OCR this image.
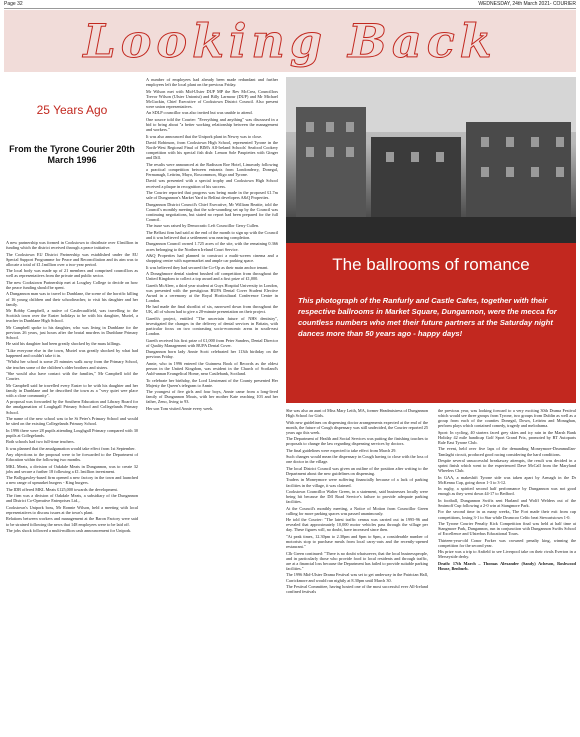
Page 32	WEDNESDAY, 24th March 2021- COURIER
Looking Back
25 Years Ago
From the Tyrone Courier 20th March 1996

A new partnership was formed in Cookstown to distribute over £1million in funding which the district received through a peace initiative.

The Cookstown EU District Partnership was established under the EU Special Support Programme for Peace and Reconciliation and its aim was to allocate a total of £1.1million over a two-year period.

The local body was made up of 21 members and comprised councillors as well as representatives from the private and public sector.

The new Cookstown Partnership met at Loughry College to decide on how the peace funding should be spent.

A Dungannon man was to travel to Dunblane, the scene of the horrific killing of 16 young children and their schoolteacher, to visit his daughter and her family.

Mr Bobby Campbell, a native of Castlecaulfield, was travelling to the Scottish town over the Easter holidays to be with his daughter, Muriel, a teacher in Dunblane High School.

Mr Campbell spoke to his daughter, who was living in Dunblane for the previous 26 years, just hours after the brutal murders in Dunblane Primary School.

He said his daughter had been greatly shocked by the mass killings.

"Like everyone else in the town, Muriel was greatly shocked by what had happened and couldn't take it in.

"Whilst her school is some 25 minutes walk away from the Primary School, she teaches some of the children's older brothers and sisters.

"She would also have contact with the families," Mr Campbell told the Courier.

Mr Campbell said he travelled every Easter to be with his daughter and her family in Dunblane and he described the town as a "very quiet wee place with a close community".

A proposal was forwarded by the Southern Education and Library Board for the amalgamation of Loughgall Primary School and Collegelands Primary School.

The name of the new school was to be St Peter's Primary School and would be sited on the existing Collegelands Primary School.

In 1996 there were 28 pupils attending Loughgall Primary compared with 30 pupils at Collegelands.

Both schools had two full-time teachers.

It was planned that the amalgamation would take effect from 1st September.

Any objections to the proposal were to be forwarded to the Department of Education within the following two months.

MKL Meats, a division of Oakdale Meats in Dungannon, was to create 32 jobs and secure a further 18 following a £1.1million investment.

The Ballygawley-based firm opened a new factory in the town and launched a new range of upmarket burgers - King burgers.

The IDB offered MKL Meats £125,000 towards the development.

The firm was a division of Oakdale Meats, a subsidiary of the Dungannon and District Co-Operative Enterprises Ltd.,.

Cookstown's Unipork boss, Mr Ronnie Wilson, held a meeting with local representatives to discuss issues at the town's plant.

Relations between workers and management at the Baron Factory were said to be strained following the news that 148 employees were to be laid off.

The jobs shock followed a multi-million cash announcement for Unipork.

A number of employees had already been made redundant and further employees left the local plant on the previous Friday.

Mr Wilson met with Mid-Ulster DUP MP the Rev McCrea, Councillors Trevor Wilson (Ulster Unionist) and Billy Larmour (DUP) and Mr Michael McGuckin, Chief Executive of Cookstown District Council. Also present were union representatives.

An SDLP councillor was also invited but was unable to attend.

One source told the Courier: "Everything and anything" was discussed in a bid to bring about "a better working relationship between the management and workers."

It was also announced that the Unipork plant in Newry was to close.

David Robinson, from Cookstown High School, represented Tyrone in the North-West Regional Final of BIM's All-Ireland Schools' Seafood Cookery competition with his special fish dish: Lemon Sole Paupiettes with Ginger and Dill.

The results were announced at the Radisson Roe Hotel, Limavady following a practical competition between entrants from Londonderry, Donegal, Fermanagh, Leitrim, Mayo, Roscommon, Sligo and Tyrone.

David was presented with a special trophy and Cookstown High School received a plaque in recognition of his success.

The Courier reported that progress was being made in the proposed £1.7m sale of Dungannon's Market Yard to Belfast developers A&Q Properties.

Dungannon District Council's Chief Executive, Mr William Beattie, told the Council's monthly meeting that the sole-sounding set up by the Council was continuing negotiations, but stated no report had been prepared for the full Council.

The issue was raised by Democratic Left Councillor Gerry Cullen.

The Belfast firm had said at the end of the month to sign up with the Council and it was believed that a settlement was nearing completion.

Dungannon Council owned 1.725 acres of the site, with the remaining 0.366 acres belonging to the Northern Ireland Court Service.

A&Q Properties had planned to construct a multi-screen cinema and a shopping centre with supermarket and ample car parking space.

It was believed they had secured the Co-Op as their main anchor tenant.

A Donaghmore dental student brushed off competition from throughout the United Kingdom to collect a top award and a first prize of £1,000.

Gareth McAleer, a third year student at Guys Hospital University in London, was presented with the prestigious BUPA Dental Cover Student Elective Award in a ceremony at the Royal Horticultural Conference Centre in London.

He had made the final shortlist of six, narrowed down from throughout the UK, all of whom had to give a 20-minute presentation on their project.

Gareth's project, entitled "The uncertain future of NHS dentistry", investigated the changes in the delivery of dental services in Britain, with particular focus on two contrasting socio-economic areas in south-east London.

Gareth received his first prize of £1,000 from Peter Sanders, Dental Director of Quality Management with BUPA Dental Cover.

Dungannon born lady Annie Scott celebrated her 113th birthday on the previous Friday.

Annie, who in 1996 entered the Guinness Book of Records as the oldest person in the United Kingdom, was resident in the Church of Scotland's Auld-annan Evangelical Home, near Castlebank, Scotland.

To celebrate her birthday, the Lord Lieutenant of the County presented Her Majesty the Queen's telegram to Annie.

The youngest of five girls and four boys, Annie came from a long-lived family of Dungannon Moats, with her mother Kate reaching 103 and her father, Zeno, living to 93.

Her son Tom visited Annie every week.

The ballrooms of romance
This photograph of the Ranfurly and Castle Cafes, together with their respective ballrooms in Market Square, Dungannon, were the mecca for countless numbers who met their future partners at the Saturday night dances more than 50 years ago - happy days!

She was also an aunt of Miss Mary Leith, MA, former Headmistress of Dungannon High School for Girls.

With new guidelines on dispensing doctor arrangements expected at the end of the month, the future of Cough dispensary was still undecided, the Courier reported 25 years ago this week.

The Department of Health and Social Services was putting the finishing touches to proposals to change the law regarding dispensing services by doctors.

The final guidelines were expected to take effect from March 29.

Such changes would mean the dispensary in Cough having to close with the loss of one doctor in the village.

The local District Council was given an outline of the position after writing to the Department about the new guidelines on dispensing.

Traders in Moneymore were suffering financially because of a lack of parking facilities in the village, it was claimed.

Cookstown Councillor Walter Green, in a statement, said businesses locally were being hit because the Dfl Road Service's failure to provide adequate parking facilities.

At the Council's monthly meeting, a Notice of Motion from Councillor Green calling for more parking spaces was passed unanimously.

He told the Courier: "The latest traffic census was carried out in 1995-96 and revealed that approximately 10,000 motor vehicles pass through the village per day. These figures will, no doubt, have increased since then.

"At peak times, 12.30pm to 2.30pm and 6pm to 6pm, a considerable number of motorists stop to purchase meals from local carry-outs and the recently-opened restaurant."

Cllr Green continued: "There is no doubt whatsoever, that the local businesspeople, and in particularly those who provide food to local residents and through traffic, are at a financial loss because the Department has failed to provide suitable parking facilities."

The 1996 Mid-Ulster Drama Festival was set to get underway in the Patrician Hall, Carrickmore and would run nightly at 8.30pm until March 30.

The Festival Committee, having hosted one of the most successful ever All-Ireland confined festivals

the previous year, was looking forward to a very exciting 30th Drama Festival which would see three groups from Tyrone, two groups from Dublin as well as a group from each of the counties Donegal, Down, Leitrim and Monaghan, perform plays which contained comedy, tragedy and melodrama.

Sport: In cycling, 40 starters faced grey skies and icy rain in the Marsh Bank Holiday 42 mile handicap Golf Sport Grand Prix, promoted by RT Autoparts Rale East Tyrone Club.

The event, held over five laps of the demanding Moneymore-Drummullan-Tamlaght circuit, produced good racing considering the hard conditions.

Despite several unsuccessful breakaway attempts, the result was decided in a sprint finish which went to the experienced Dave McCall from the Maryland Wheelers Club.

In GAA, a makeshift Tyrone side was taken apart by Armagh in the Dr McKenna Cup, going down 1-3 to 3-12.

In rugby, a spirited second half performance by Dungannon was not good enough as they went down 44-17 to Bedford.

In football, Dungannon Swifts sent Harland and Wolff Welders out of the Smirnoff Cup following a 2-0 win at Stangmore Park.

For the second time in as many weeks, The Fort made their exit from cup competitions, losing 3-1 to Star while Drumcoo Celtic beat Stewartstown 1-0.

The Tyrone Courier Penalty Kick Competition final was held at half time at Stangmore Park, Dungannon, run in conjunction with Dungannon Swifts School of Excellence and Ulsterbus Educational Tours.

Thirteen-year-old Conor Forker was crowned penalty king, winning the competition for the second year.

His prize was a trip to Anfield to see Liverpool take on their rivals Everton in a Merseyside derby.

Death: 17th March – Thomas Alexander (Sandy) Acheson, Roshwood House, Benburb.
